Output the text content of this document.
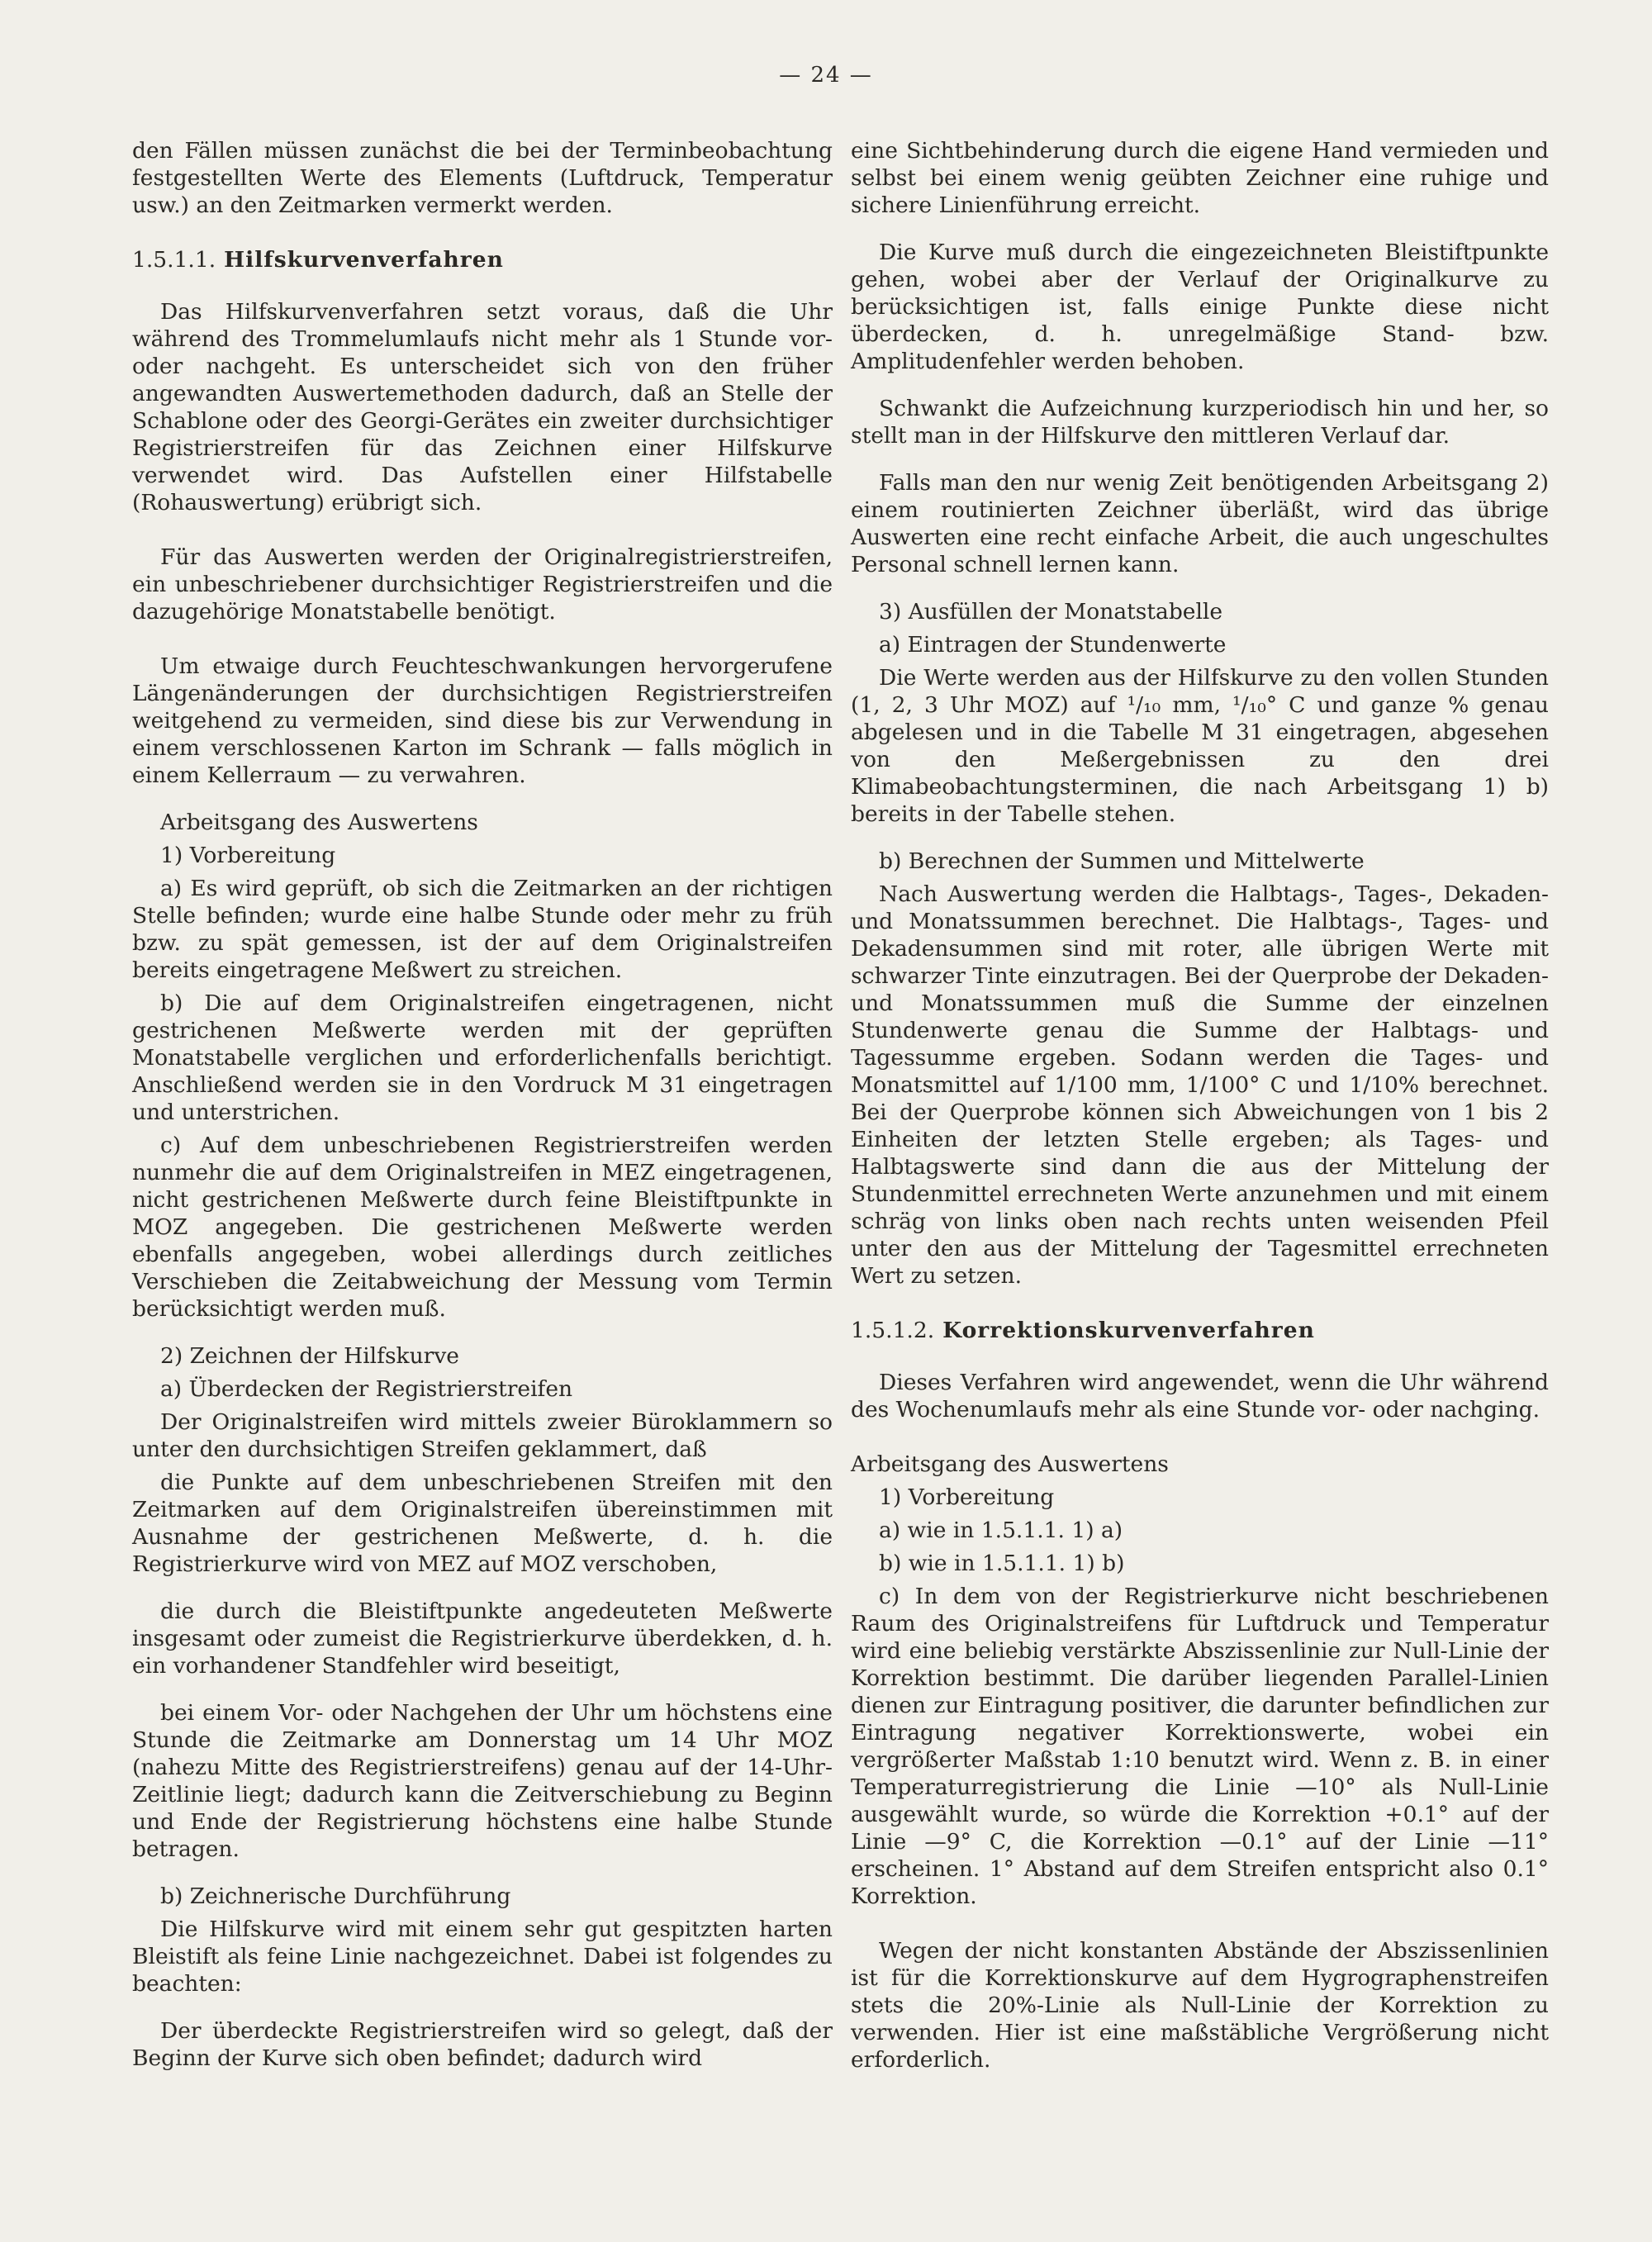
— 24 —

den Fällen müssen zunächst die bei der Terminbeobachtung festgestellten Werte des Elements (Luftdruck, Temperatur usw.) an den Zeitmarken vermerkt werden.

1.5.1.1. Hilfskurvenverfahren

Das Hilfskurvenverfahren setzt voraus, daß die Uhr während des Trommelumlaufs nicht mehr als 1 Stunde vor- oder nachgeht. Es unterscheidet sich von den früher angewandten Auswertemethoden dadurch, daß an Stelle der Schablone oder des Georgi-Gerätes ein zweiter durchsichtiger Registrierstreifen für das Zeichnen einer Hilfskurve verwendet wird. Das Aufstellen einer Hilfstabelle (Rohauswertung) erübrigt sich.

Für das Auswerten werden der Originalregistrierstreifen, ein unbeschriebener durchsichtiger Registrierstreifen und die dazugehörige Monatstabelle benötigt.

Um etwaige durch Feuchteschwankungen hervorgerufene Längenänderungen der durchsichtigen Registrierstreifen weitgehend zu vermeiden, sind diese bis zur Verwendung in einem verschlossenen Karton im Schrank — falls möglich in einem Kellerraum — zu verwahren.

Arbeitsgang des Auswertens
1) Vorbereitung

a) Es wird geprüft, ob sich die Zeitmarken an der richtigen Stelle befinden; wurde eine halbe Stunde oder mehr zu früh bzw. zu spät gemessen, ist der auf dem Originalstreifen bereits eingetragene Meßwert zu streichen.

b) Die auf dem Originalstreifen eingetragenen, nicht gestrichenen Meßwerte werden mit der geprüften Monatstabelle verglichen und erforderlichenfalls berichtigt. Anschließend werden sie in den Vordruck M 31 eingetragen und unterstrichen.

c) Auf dem unbeschriebenen Registrierstreifen werden nunmehr die auf dem Originalstreifen in MEZ eingetragenen, nicht gestrichenen Meßwerte durch feine Bleistiftpunkte in MOZ angegeben. Die gestrichenen Meßwerte werden ebenfalls angegeben, wobei allerdings durch zeitliches Verschieben die Zeitabweichung der Messung vom Termin berücksichtigt werden muß.

2) Zeichnen der Hilfskurve
a) Überdecken der Registrierstreifen

Der Originalstreifen wird mittels zweier Büroklammern so unter den durchsichtigen Streifen geklammert, daß

die Punkte auf dem unbeschriebenen Streifen mit den Zeitmarken auf dem Originalstreifen übereinstimmen mit Ausnahme der gestrichenen Meßwerte, d. h. die Registrierkurve wird von MEZ auf MOZ verschoben,

die durch die Bleistiftpunkte angedeuteten Meßwerte insgesamt oder zumeist die Registrierkurve überdekken, d. h. ein vorhandener Standfehler wird beseitigt,

bei einem Vor- oder Nachgehen der Uhr um höchstens eine Stunde die Zeitmarke am Donnerstag um 14 Uhr MOZ (nahezu Mitte des Registrierstreifens) genau auf der 14-Uhr-Zeitlinie liegt; dadurch kann die Zeitverschiebung zu Beginn und Ende der Registrierung höchstens eine halbe Stunde betragen.

b) Zeichnerische Durchführung

Die Hilfskurve wird mit einem sehr gut gespitzten harten Bleistift als feine Linie nachgezeichnet. Dabei ist folgendes zu beachten:

Der überdeckte Registrierstreifen wird so gelegt, daß der Beginn der Kurve sich oben befindet; dadurch wird

eine Sichtbehinderung durch die eigene Hand vermieden und selbst bei einem wenig geübten Zeichner eine ruhige und sichere Linienführung erreicht.

Die Kurve muß durch die eingezeichneten Bleistiftpunkte gehen, wobei aber der Verlauf der Originalkurve zu berücksichtigen ist, falls einige Punkte diese nicht überdecken, d. h. unregelmäßige Stand- bzw. Amplitudenfehler werden behoben.

Schwankt die Aufzeichnung kurzperiodisch hin und her, so stellt man in der Hilfskurve den mittleren Verlauf dar.

Falls man den nur wenig Zeit benötigenden Arbeitsgang 2) einem routinierten Zeichner überläßt, wird das übrige Auswerten eine recht einfache Arbeit, die auch ungeschultes Personal schnell lernen kann.

3) Ausfüllen der Monatstabelle
a) Eintragen der Stundenwerte

Die Werte werden aus der Hilfskurve zu den vollen Stunden (1, 2, 3 Uhr MOZ) auf ¹/₁₀ mm, ¹/₁₀° C und ganze % genau abgelesen und in die Tabelle M 31 eingetragen, abgesehen von den Meßergebnissen zu den drei Klimabeobachtungsterminen, die nach Arbeitsgang 1) b) bereits in der Tabelle stehen.

b) Berechnen der Summen und Mittelwerte

Nach Auswertung werden die Halbtags-, Tages-, Dekaden- und Monatssummen berechnet. Die Halbtags-, Tages- und Dekadensummen sind mit roter, alle übrigen Werte mit schwarzer Tinte einzutragen. Bei der Querprobe der Dekaden- und Monatssummen muß die Summe der einzelnen Stundenwerte genau die Summe der Halbtags- und Tagessumme ergeben. Sodann werden die Tages- und Monatsmittel auf 1/100 mm, 1/100° C und 1/10% berechnet. Bei der Querprobe können sich Abweichungen von 1 bis 2 Einheiten der letzten Stelle ergeben; als Tages- und Halbtagswerte sind dann die aus der Mittelung der Stundenmittel errechneten Werte anzunehmen und mit einem schräg von links oben nach rechts unten weisenden Pfeil unter den aus der Mittelung der Tagesmittel errechneten Wert zu setzen.

1.5.1.2. Korrektionskurvenverfahren

Dieses Verfahren wird angewendet, wenn die Uhr während des Wochenumlaufs mehr als eine Stunde vor- oder nachging.

Arbeitsgang des Auswertens
1) Vorbereitung
a) wie in 1.5.1.1. 1) a)
b) wie in 1.5.1.1. 1) b)

c) In dem von der Registrierkurve nicht beschriebenen Raum des Originalstreifens für Luftdruck und Temperatur wird eine beliebig verstärkte Abszissenlinie zur Null-Linie der Korrektion bestimmt. Die darüber liegenden Parallel-Linien dienen zur Eintragung positiver, die darunter befindlichen zur Eintragung negativer Korrektionswerte, wobei ein vergrößerter Maßstab 1:10 benutzt wird. Wenn z. B. in einer Temperaturregistrierung die Linie —10° als Null-Linie ausgewählt wurde, so würde die Korrektion +0.1° auf der Linie —9° C, die Korrektion —0.1° auf der Linie —11° erscheinen. 1° Abstand auf dem Streifen entspricht also 0.1° Korrektion.

Wegen der nicht konstanten Abstände der Abszissenlinien ist für die Korrektionskurve auf dem Hygrographenstreifen stets die 20%-Linie als Null-Linie der Korrektion zu verwenden. Hier ist eine maßstäbliche Vergrößerung nicht erforderlich.
